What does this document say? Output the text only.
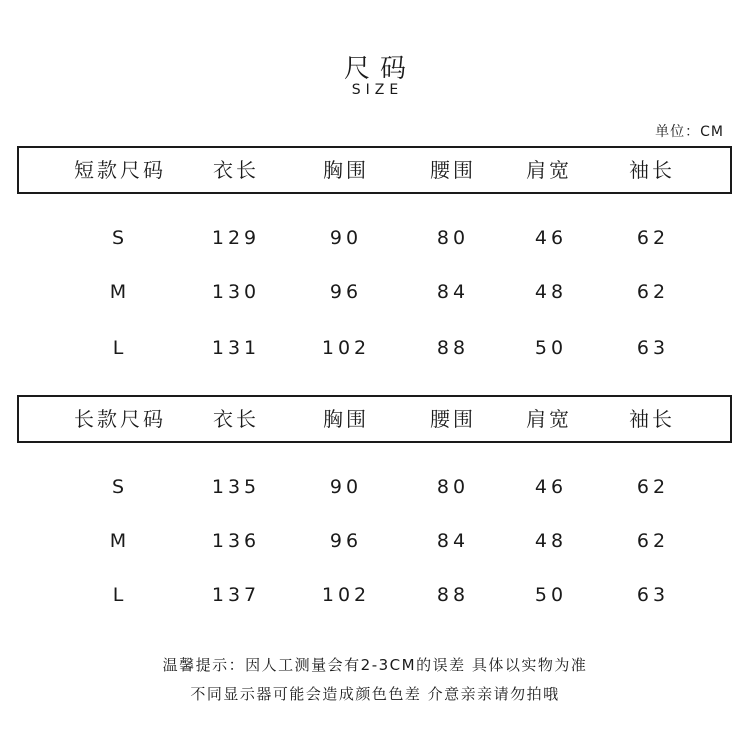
尺码
SIZE
单位：CM
短款尺码 衣长	胸围	腰围	肩宽	袖长
S	129	90	80	46	62
M	130	96	84	48	62
L	131	102	88	50	63
长款尺码 衣长	胸围	腰围	肩宽	袖长
S	135	90	80	46	62
M	136	96	84	48	62
L	137	102	88	50	63
温馨提示：因人工测量会有2-3CM的误差 具体以实物为准
不同显示器可能会造成颜色色差 介意亲亲请勿拍哦
